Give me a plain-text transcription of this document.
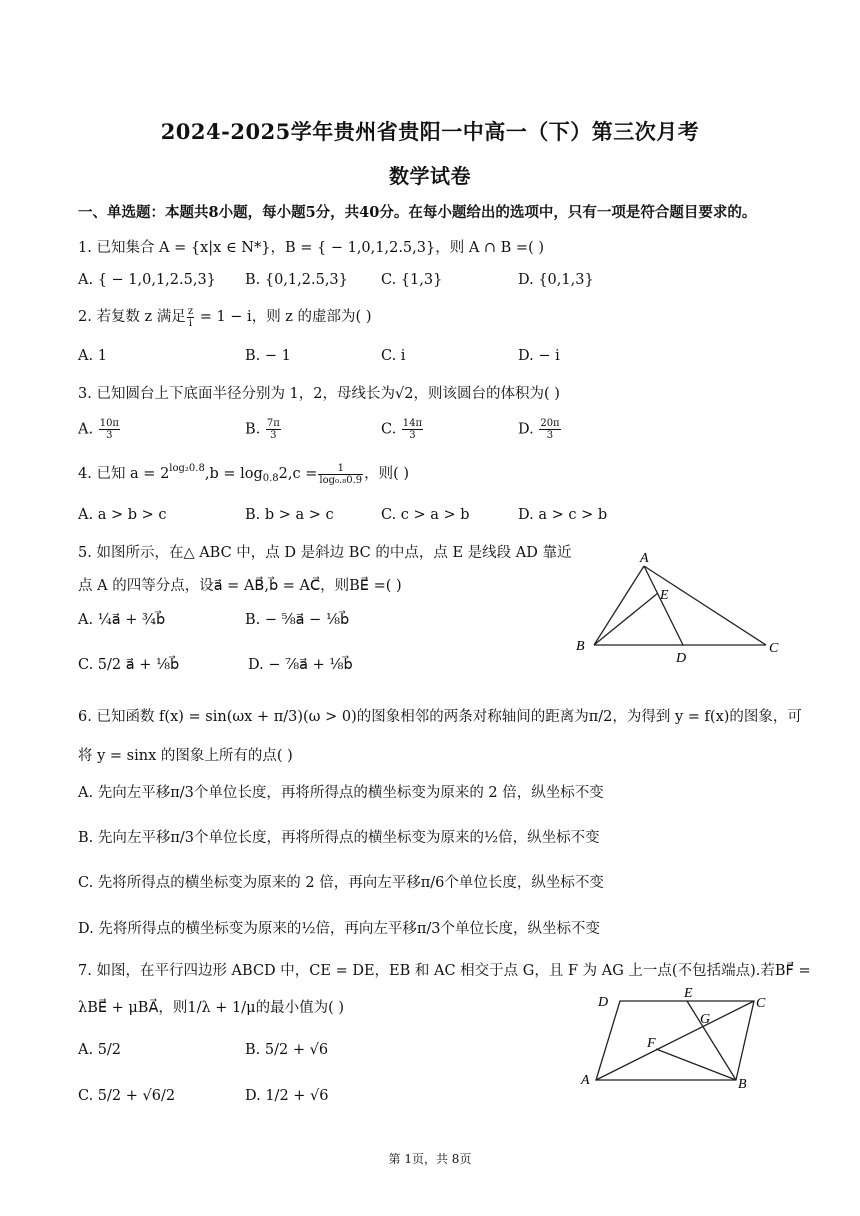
2024-2025学年贵州省贵阳一中高一（下）第三次月考
数学试卷
一、单选题：本题共8小题，每小题5分，共40分。在每小题给出的选项中，只有一项是符合题目要求的。
1. 已知集合 A = {x|x ∈ N*}，B = { − 1,0,1,2.5,3}，则 A ∩ B =( )
A. { − 1,0,1,2.5,3} B. {0,1,2.5,3} C. {1,3}	D. {0,1,3}
2. 若复数 z 满足 $\frac{z}{i} = 1 - i$，则 z 的虚部为( )
A. 1	B. − 1	C. i	D. − i
3. 已知圆台上下底面半径分别为 1，2，母线长为√2，则该圆台的体积为( )
A. $\frac{10\pi}{3}$	B. $\frac{7\pi}{3}$	C. $\frac{14\pi}{3}$	D. $\frac{20\pi}{3}$
4. 已知 $a = 2^{log_20.8},b = \log_{0.8}2,c = \frac{1}{\text{log₀.₈0.9}}$ ，则( )
A. a > b > c	B. b > a > c	C. c > a > b	D. a > c > b
5. 如图所示，在△ ABC 中，点 D 是斜边 BC 的中点，点 E 是线段 AD 靠近
点 A 的四等分点，设a⃗ = AB⃗,b⃗ = AC⃗，则BE⃗ =( )
A. ¼a⃗ + ¾b⃗	B. − ⅝a⃗ − ⅛b⃗
C. 5/2 a⃗ + ⅛b⃗	D. − ⅞a⃗ + ⅛b⃗
A
B	C
D
E
6. 已知函数 f(x) = sin(ωx + π/3)(ω > 0)的图象相邻的两条对称轴间的距离为π/2，为得到 y = f(x)的图象，可
将 y = sinx 的图象上所有的点( )
A. 先向左平移π/3个单位长度，再将所得点的横坐标变为原来的 2 倍，纵坐标不变
B. 先向左平移π/3个单位长度，再将所得点的横坐标变为原来的½倍，纵坐标不变
C. 先将所得点的横坐标变为原来的 2 倍，再向左平移π/6个单位长度，纵坐标不变
D. 先将所得点的横坐标变为原来的½倍，再向左平移π/3个单位长度，纵坐标不变
7. 如图，在平行四边形 ABCD 中，CE = DE，EB 和 AC 相交于点 G，且 F 为 AG 上一点(不包括端点).若BF⃗ =
λBE⃗ + μBA⃗，则1/λ + 1/μ的最小值为( )
A. 5/2	B. 5/2 + √6
C. 5/2 + √6/2	D. 1/2 + √6
D	C
E
G
F
A	B
第 1页，共 8页
